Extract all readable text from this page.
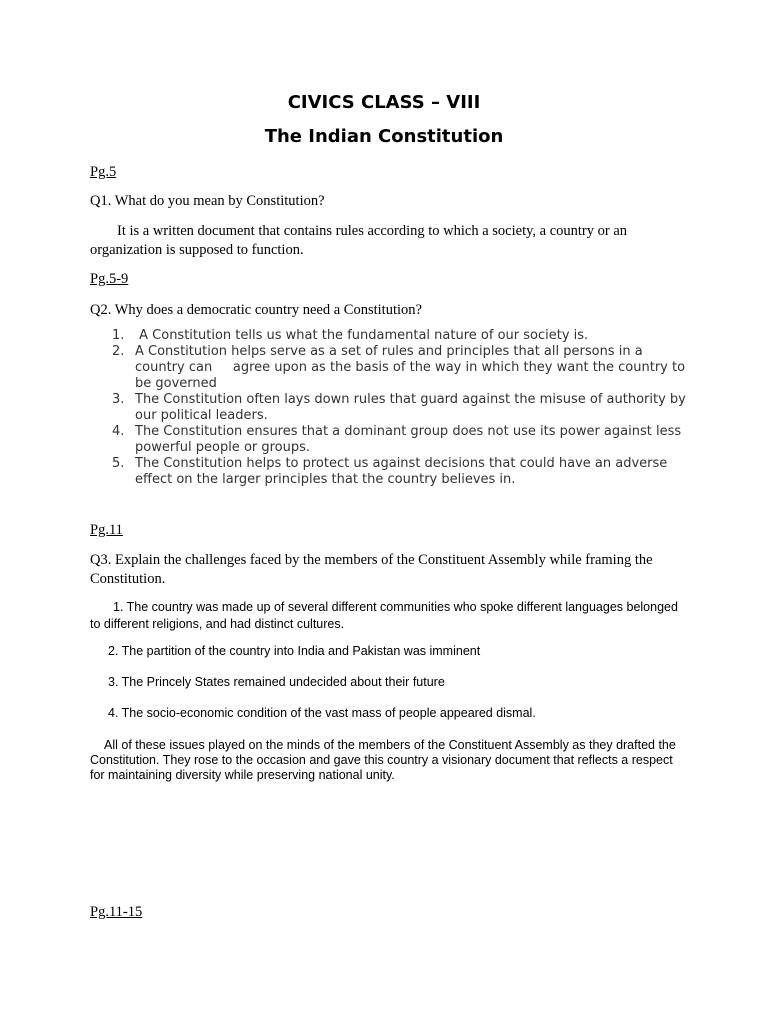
CIVICS CLASS – VIII
The Indian Constitution

Pg.5

Q1. What do you mean by Constitution?

It is a written document that contains rules according to which a society, a country or an organization is supposed to function.

Pg.5-9

Q2. Why does a democratic country need a Constitution?

1. A Constitution tells us what the fundamental nature of our society is.
2. A Constitution helps serve as a set of rules and principles that all persons in a country can     agree upon as the basis of the way in which they want the country to be governed
3. The Constitution often lays down rules that guard against the misuse of authority by our political leaders.
4. The Constitution ensures that a dominant group does not use its power against less powerful people or groups.
5. The Constitution helps to protect us against decisions that could have an adverse effect on the larger principles that the country believes in.

Pg.11

Q3. Explain the challenges faced by the members of the Constituent Assembly while framing the Constitution.

1. The country was made up of several different communities who spoke different languages belonged to different religions, and had distinct cultures.

2. The partition of the country into India and Pakistan was imminent

3. The Princely States remained undecided about their future

4. The socio-economic condition of the vast mass of people appeared dismal.

All of these issues played on the minds of the members of the Constituent Assembly as they drafted the Constitution. They rose to the occasion and gave this country a visionary document that reflects a respect for maintaining diversity while preserving national unity.

Pg.11-15
